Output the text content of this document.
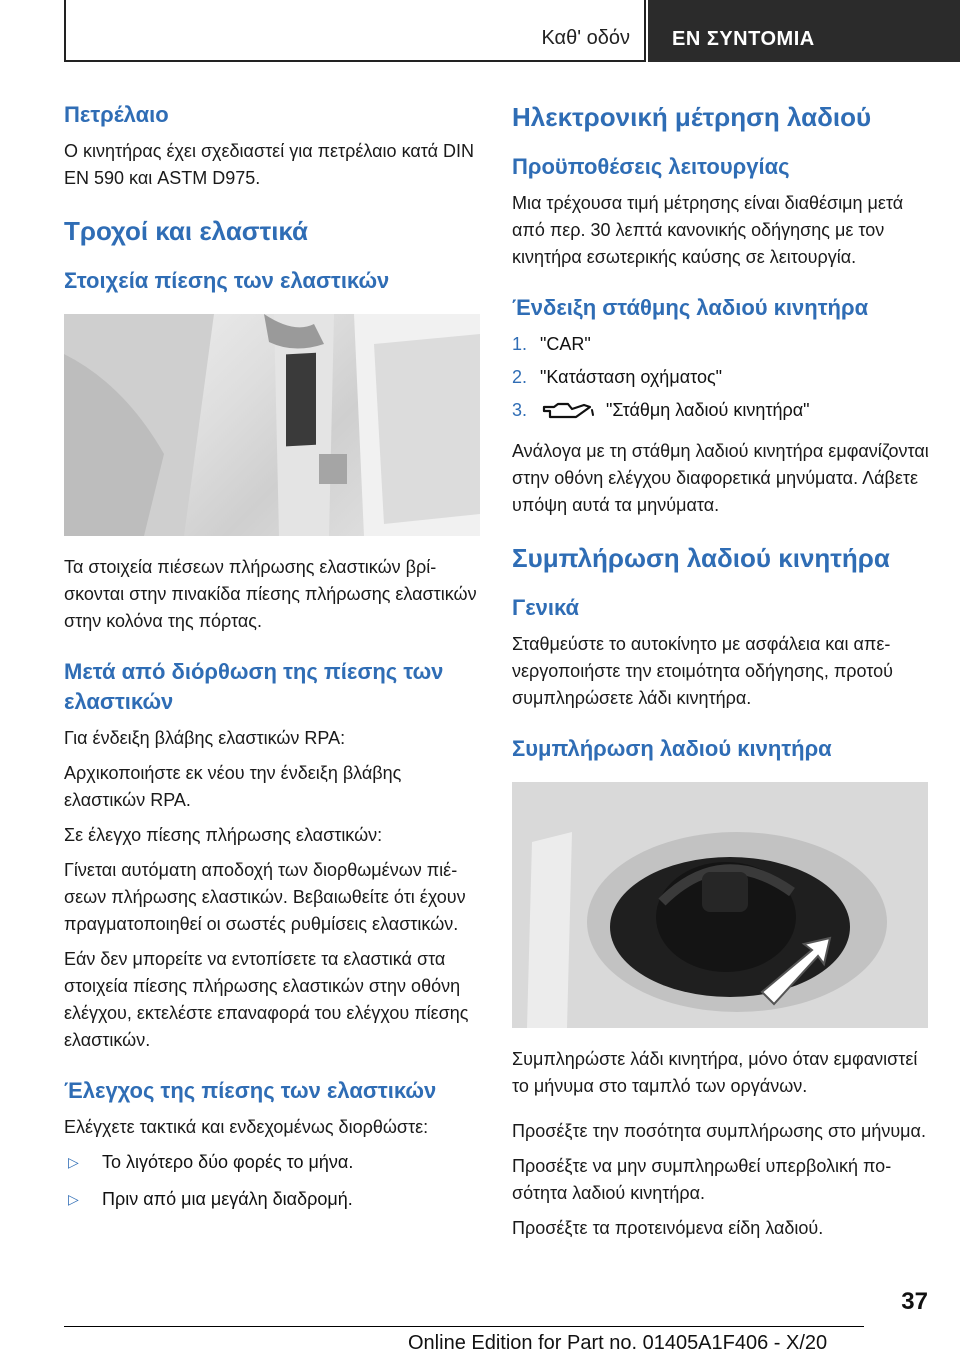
Καθ' οδόν ΕΝ ΣΥΝΤΟΜΙΑ
Πετρέλαιο

Ο κινητήρας έχει σχεδιαστεί για πετρέλαιο κατά DIN EN 590 και ASTM D975.

Τροχοί και ελαστικά
Στοιχεία πίεσης των ελαστικών

Τα στοιχεία πιέσεων πλήρωσης ελαστικών βρίσκονται στην πινακίδα πίεσης πλήρωσης ελαστικών στην κολόνα της πόρτας.

Μετά από διόρθωση της πίεσης των ελαστικών

Για ένδειξη βλάβης ελαστικών RPA:

Αρχικοποιήστε εκ νέου την ένδειξη βλάβης ελαστικών RPA.

Σε έλεγχο πίεσης πλήρωσης ελαστικών:

Γίνεται αυτόματη αποδοχή των διορθωμένων πιέσεων πλήρωσης ελαστικών. Βεβαιωθείτε ότι έχουν πραγματοποιηθεί οι σωστές ρυθμίσεις ελαστικών.

Εάν δεν μπορείτε να εντοπίσετε τα ελαστικά στα στοιχεία πίεσης πλήρωσης ελαστικών στην οθόνη ελέγχου, εκτελέστε επαναφορά του ελέγχου πίεσης ελαστικών.

Έλεγχος της πίεσης των ελαστικών

Ελέγχετε τακτικά και ενδεχομένως διορθώστε:

▷	Το λιγότερο δύο φορές το μήνα.
▷	Πριν από μια μεγάλη διαδρομή.
Ηλεκτρονική μέτρηση λαδιού
Προϋποθέσεις λειτουργίας

Μια τρέχουσα τιμή μέτρησης είναι διαθέσιμη μετά από περ. 30 λεπτά κανονικής οδήγησης με τον κινητήρα εσωτερικής καύσης σε λειτουργία.

Ένδειξη στάθμης λαδιού κινητήρα
1. "CAR"
2. "Κατάσταση οχήματος"
3.	"Στάθμη λαδιού κινητήρα"

Ανάλογα με τη στάθμη λαδιού κινητήρα εμφανίζονται στην οθόνη ελέγχου διαφορετικά μηνύματα. Λάβετε υπόψη αυτά τα μηνύματα.

Συμπλήρωση λαδιού κινητήρα
Γενικά

Σταθμεύστε το αυτοκίνητο με ασφάλεια και απενεργοποιήστε την ετοιμότητα οδήγησης, προτού συμπληρώσετε λάδι κινητήρα.

Συμπλήρωση λαδιού κινητήρα

Συμπληρώστε λάδι κινητήρα, μόνο όταν εμφανιστεί το μήνυμα στο ταμπλό των οργάνων.

Προσέξτε την ποσότητα συμπλήρωσης στο μήνυμα.

Προσέξτε να μην συμπληρωθεί υπερβολική ποσότητα λαδιού κινητήρα.

Προσέξτε τα προτεινόμενα είδη λαδιού.

37
Online Edition for Part no. 01405A1F406 - X/20
